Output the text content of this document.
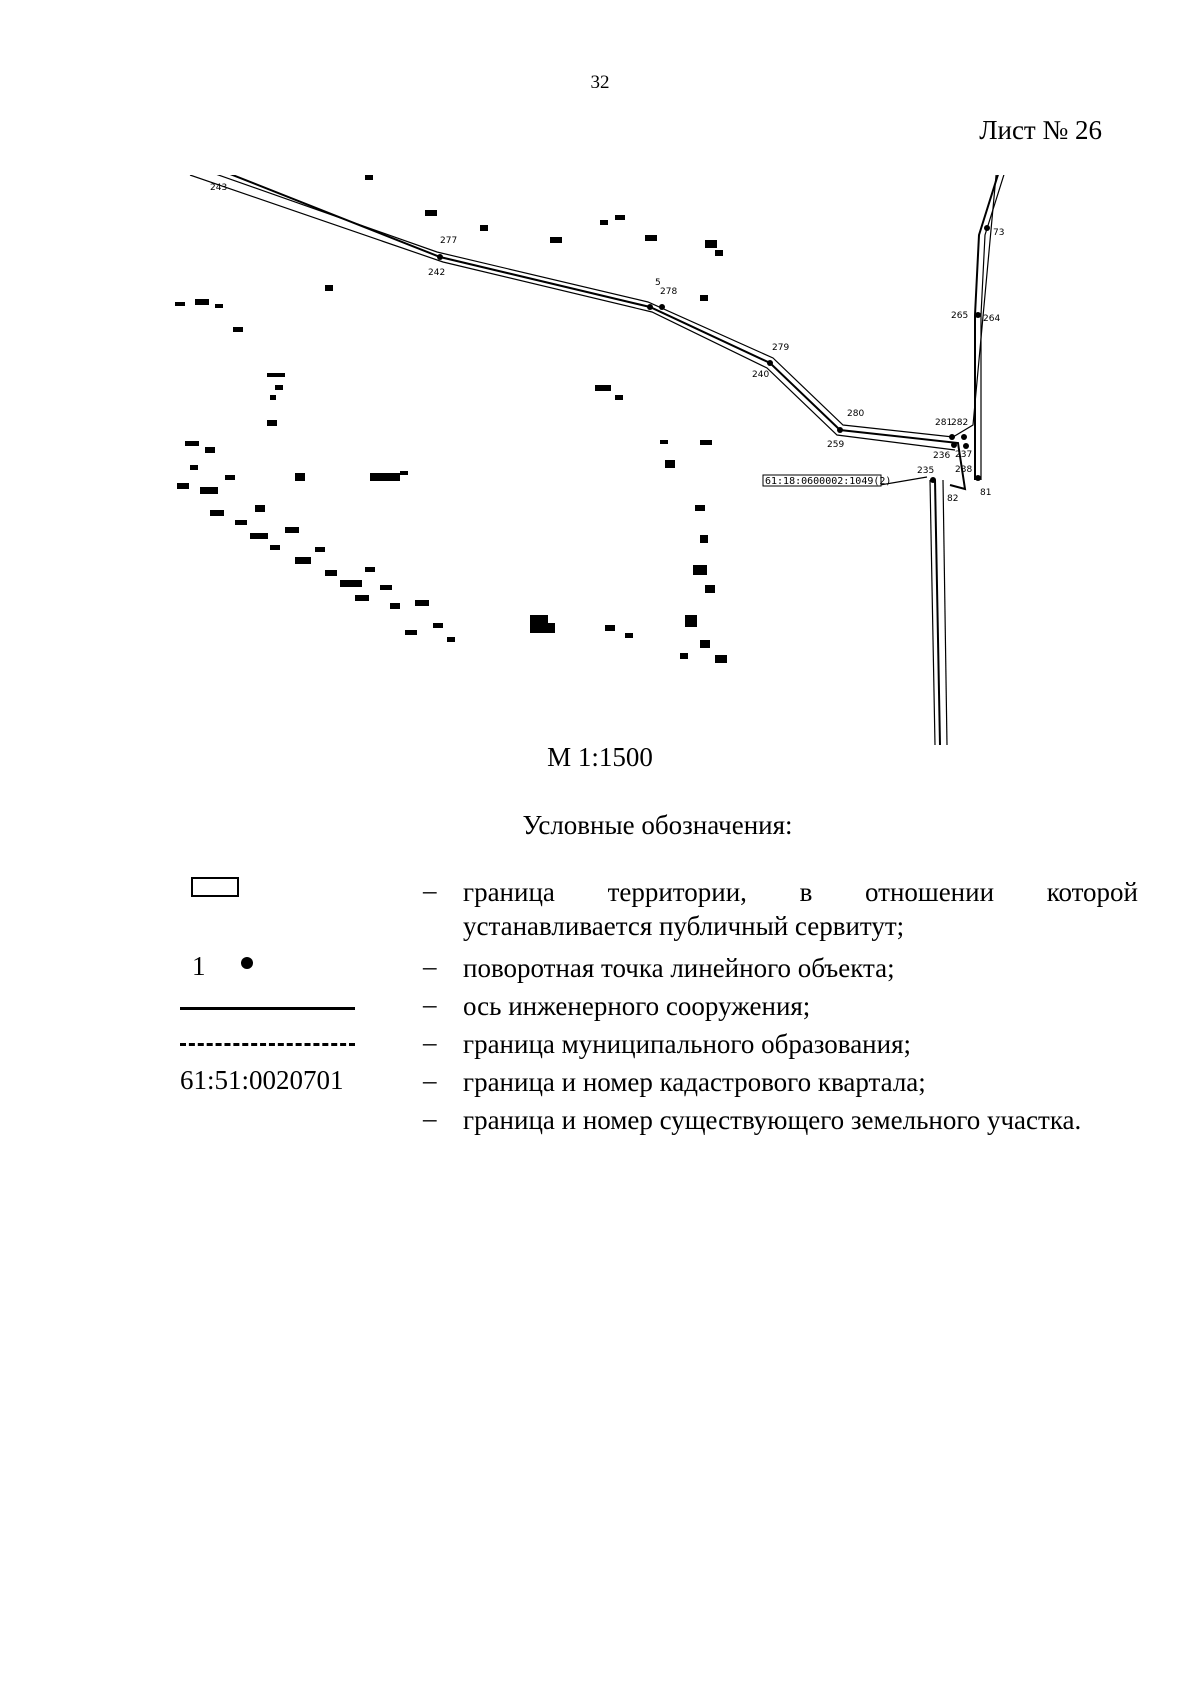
32
Лист № 26
243
277
242
278
240
279
280
259
281
282
236 237
235 238
82
81
265 264
73
5
61:18:0600002:1049(2)
М 1:1500
Условные обозначения:
– граница территории, в отношении которой
устанавливается публичный сервитут;
1	– поворотная точка линейного объекта;
– ось инженерного сооружения;
– граница муниципального образования;
61:51:0020701	– граница и номер кадастрового квартала;
– граница и номер существующего земельного участка.
